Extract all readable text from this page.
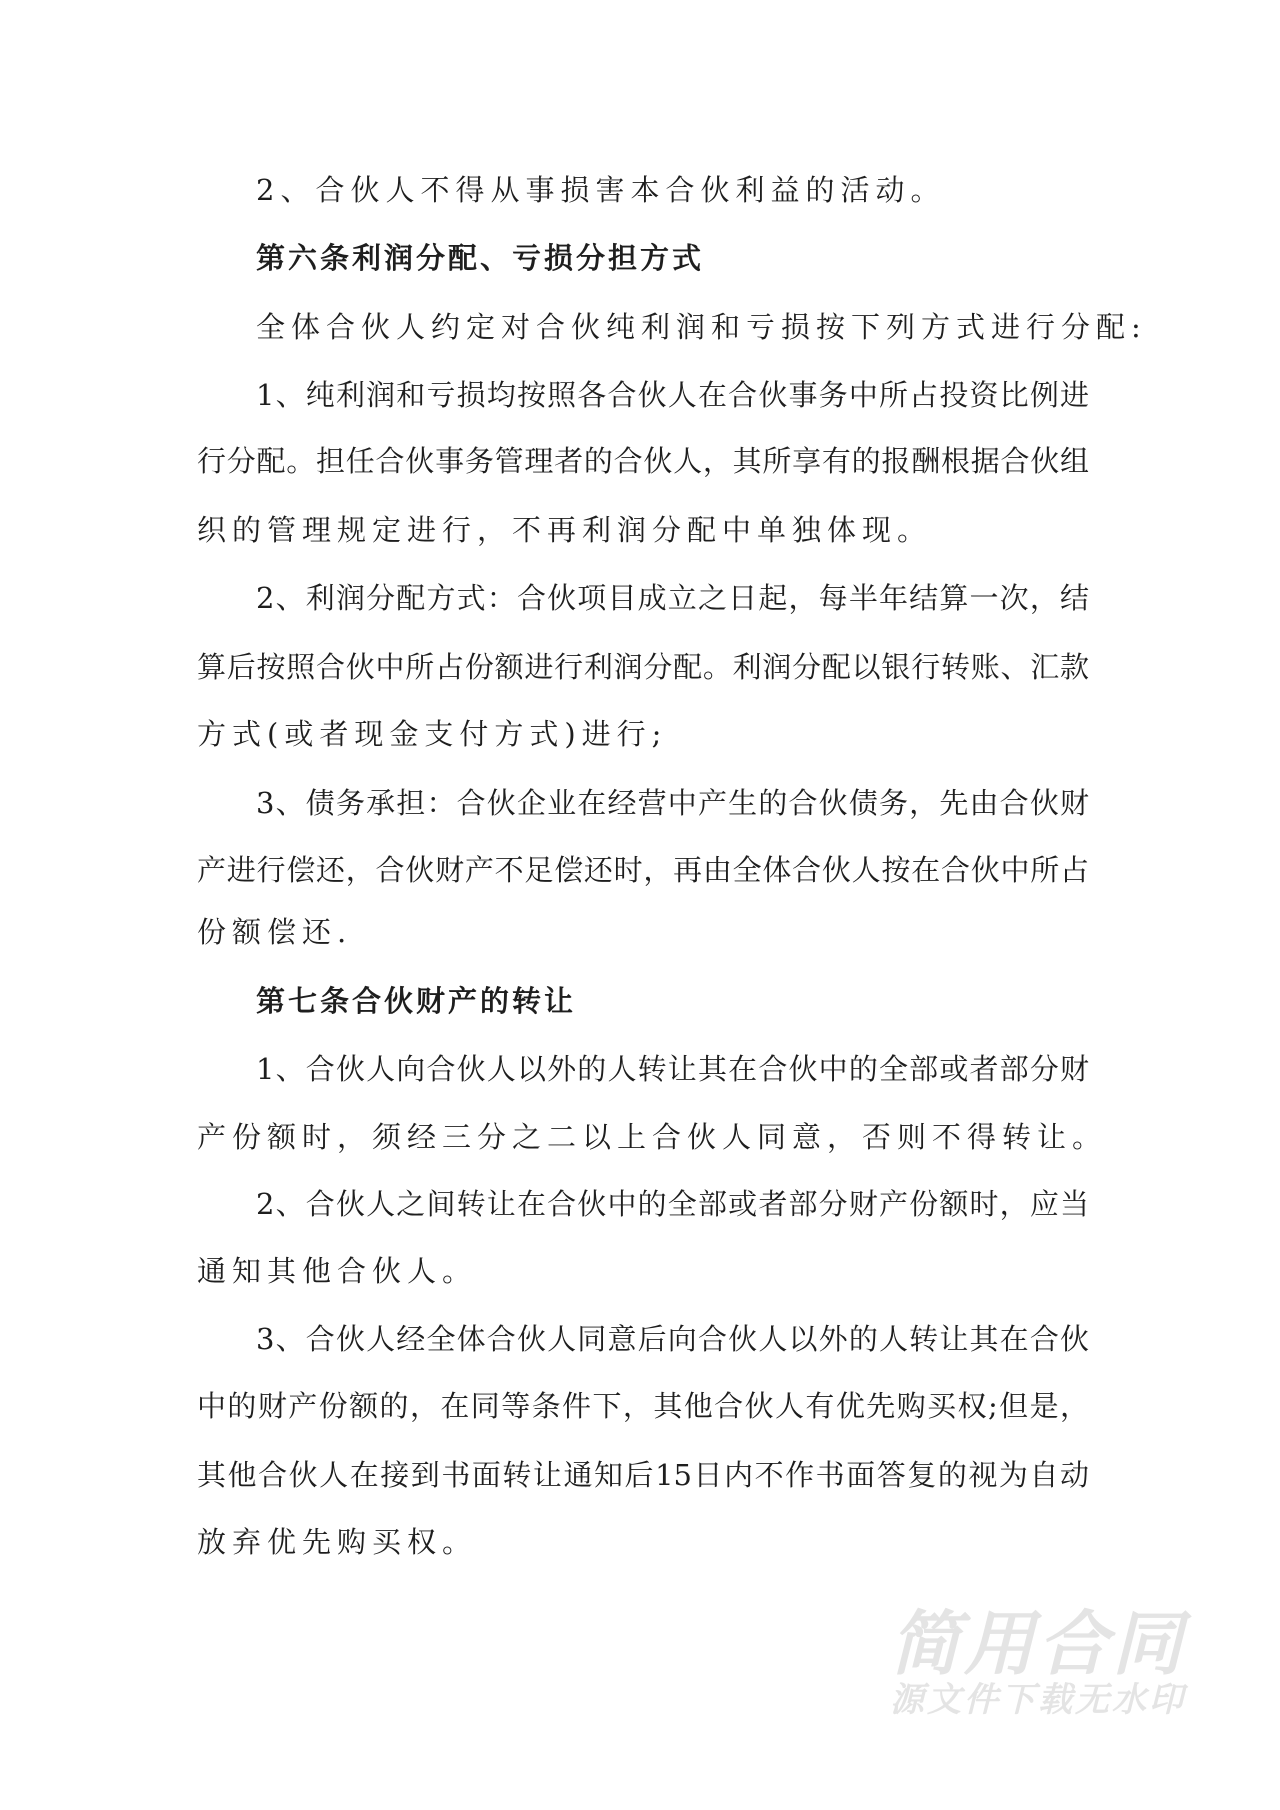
2、合伙人不得从事损害本合伙利益的活动。
第六条利润分配、亏损分担方式
全体合伙人约定对合伙纯利润和亏损按下列方式进行分配:
1、纯利润和亏损均按照各合伙人在合伙事务中所占投资比例进
行分配。担任合伙事务管理者的合伙人，其所享有的报酬根据合伙组
织的管理规定进行，不再利润分配中单独体现。
2、利润分配方式：合伙项目成立之日起，每半年结算一次，结
算后按照合伙中所占份额进行利润分配。利润分配以银行转账、汇款
方式(或者现金支付方式)进行;
3、债务承担：合伙企业在经营中产生的合伙债务，先由合伙财
产进行偿还，合伙财产不足偿还时，再由全体合伙人按在合伙中所占
份额偿还.
第七条合伙财产的转让
1、合伙人向合伙人以外的人转让其在合伙中的全部或者部分财
产份额时，须经三分之二以上合伙人同意，否则不得转让。
2、合伙人之间转让在合伙中的全部或者部分财产份额时，应当
通知其他合伙人。
3、合伙人经全体合伙人同意后向合伙人以外的人转让其在合伙
中的财产份额的，在同等条件下，其他合伙人有优先购买权;但是，
其他合伙人在接到书面转让通知后15日内不作书面答复的视为自动
放弃优先购买权。
简用合同
源文件下载无水印
